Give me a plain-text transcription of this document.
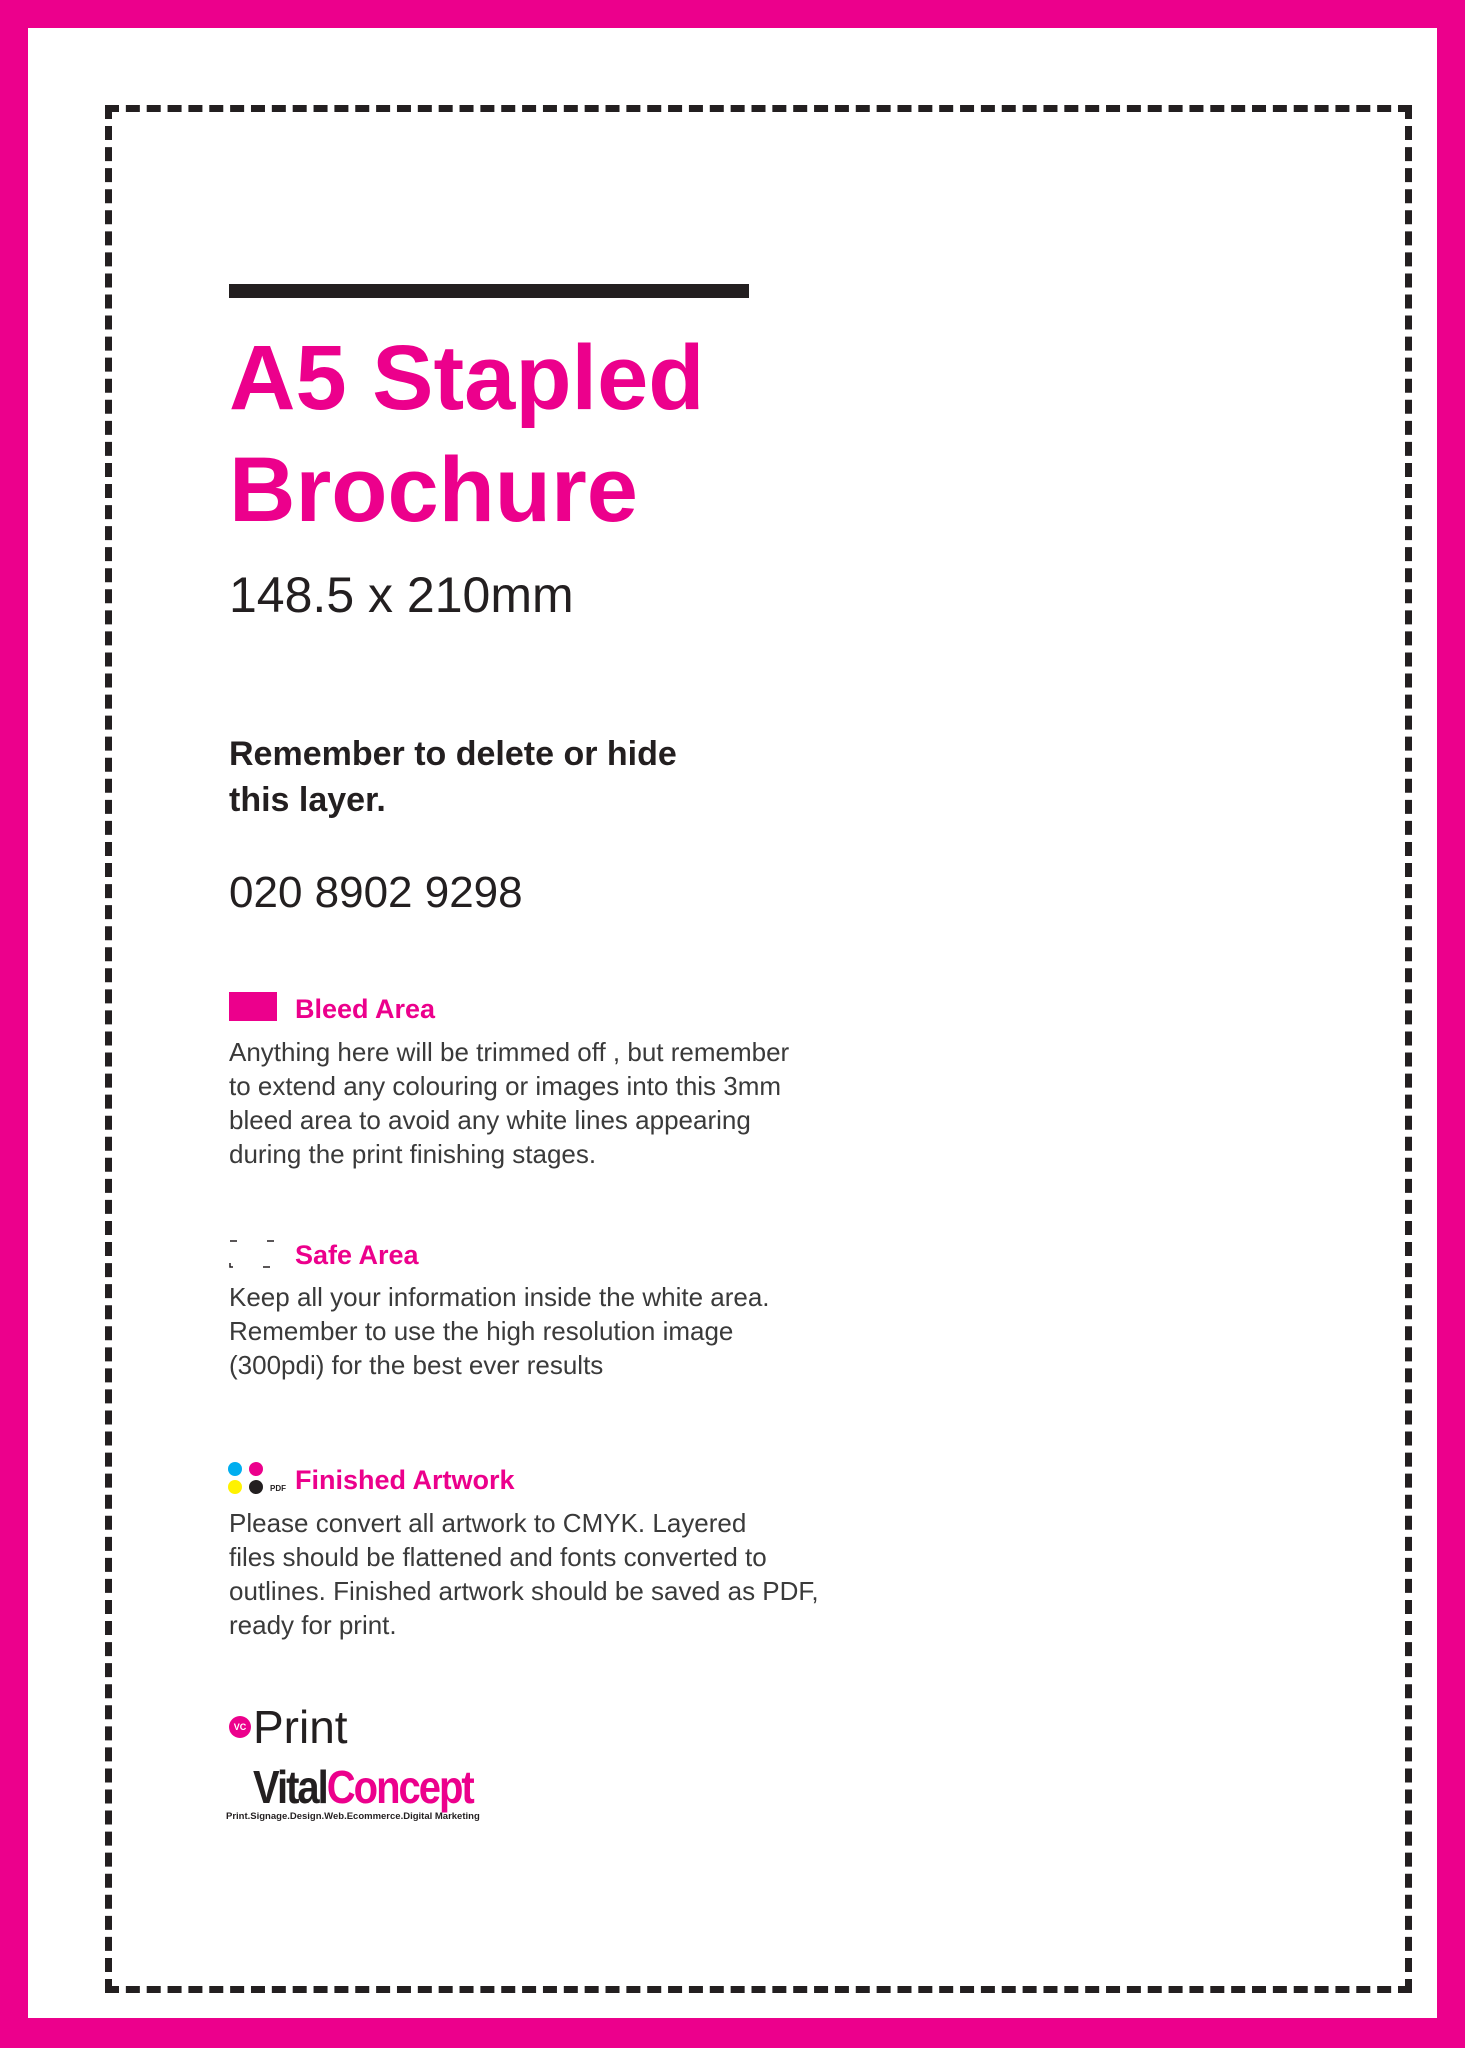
A5 Stapled
Brochure
148.5 x 210mm
Remember to delete or hide
this layer.
020 8902 9298
Bleed Area
Anything here will be trimmed off , but remember
to extend any colouring or images into this 3mm
bleed area to avoid any white lines appearing
during the print finishing stages.
Safe Area
Keep all your information inside the white area.
Remember to use the high resolution image
(300pdi) for the best ever results
PDF Finished Artwork
Please convert all artwork to CMYK. Layered
files should be flattened and fonts converted to
outlines. Finished artwork should be saved as PDF,
ready for print.
VC Print
VitalConcept
Print.Signage.Design.Web.Ecommerce.Digital Marketing
